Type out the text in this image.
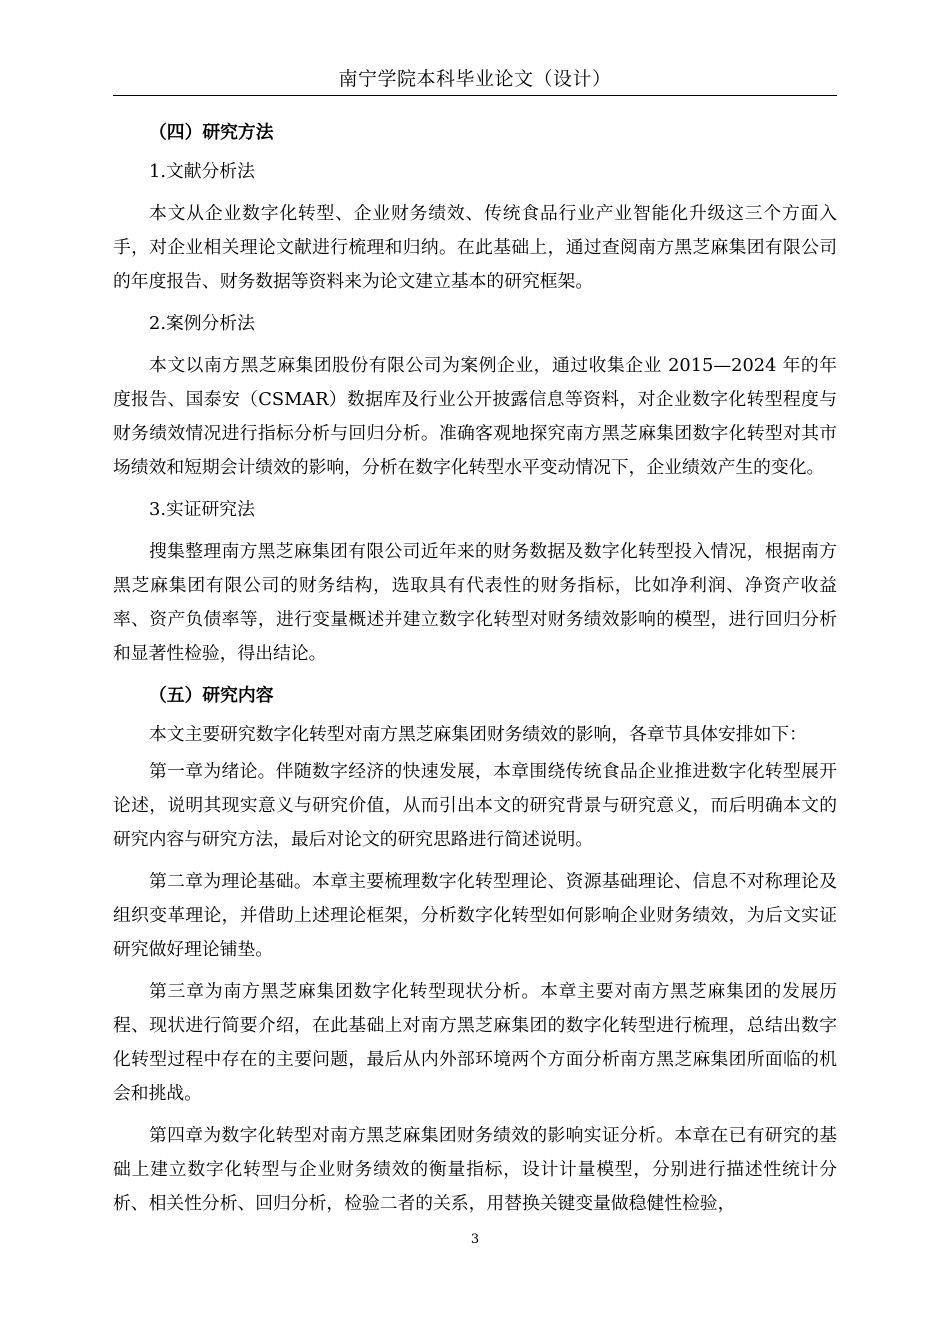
南宁学院本科毕业论文（设计）

（四）研究方法

1.文献分析法

本文从企业数字化转型、企业财务绩效、传统食品行业产业智能化升级这三个方面入手，对企业相关理论文献进行梳理和归纳。在此基础上，通过查阅南方黑芝麻集团有限公司的年度报告、财务数据等资料来为论文建立基本的研究框架。

2.案例分析法

本文以南方黑芝麻集团股份有限公司为案例企业，通过收集企业 2015—2024 年的年度报告、国泰安（CSMAR）数据库及行业公开披露信息等资料，对企业数字化转型程度与财务绩效情况进行指标分析与回归分析。准确客观地探究南方黑芝麻集团数字化转型对其市场绩效和短期会计绩效的影响，分析在数字化转型水平变动情况下，企业绩效产生的变化。

3.实证研究法

搜集整理南方黑芝麻集团有限公司近年来的财务数据及数字化转型投入情况，根据南方黑芝麻集团有限公司的财务结构，选取具有代表性的财务指标，比如净利润、净资产收益率、资产负债率等，进行变量概述并建立数字化转型对财务绩效影响的模型，进行回归分析和显著性检验，得出结论。

（五）研究内容

本文主要研究数字化转型对南方黑芝麻集团财务绩效的影响，各章节具体安排如下：

第一章为绪论。伴随数字经济的快速发展，本章围绕传统食品企业推进数字化转型展开论述，说明其现实意义与研究价值，从而引出本文的研究背景与研究意义，而后明确本文的研究内容与研究方法，最后对论文的研究思路进行简述说明。

第二章为理论基础。本章主要梳理数字化转型理论、资源基础理论、信息不对称理论及组织变革理论，并借助上述理论框架，分析数字化转型如何影响企业财务绩效，为后文实证研究做好理论铺垫。

第三章为南方黑芝麻集团数字化转型现状分析。本章主要对南方黑芝麻集团的发展历程、现状进行简要介绍，在此基础上对南方黑芝麻集团的数字化转型进行梳理，总结出数字化转型过程中存在的主要问题，最后从内外部环境两个方面分析南方黑芝麻集团所面临的机会和挑战。

第四章为数字化转型对南方黑芝麻集团财务绩效的影响实证分析。本章在已有研究的基础上建立数字化转型与企业财务绩效的衡量指标，设计计量模型，分别进行描述性统计分析、相关性分析、回归分析，检验二者的关系，用替换关键变量做稳健性检验，

3
